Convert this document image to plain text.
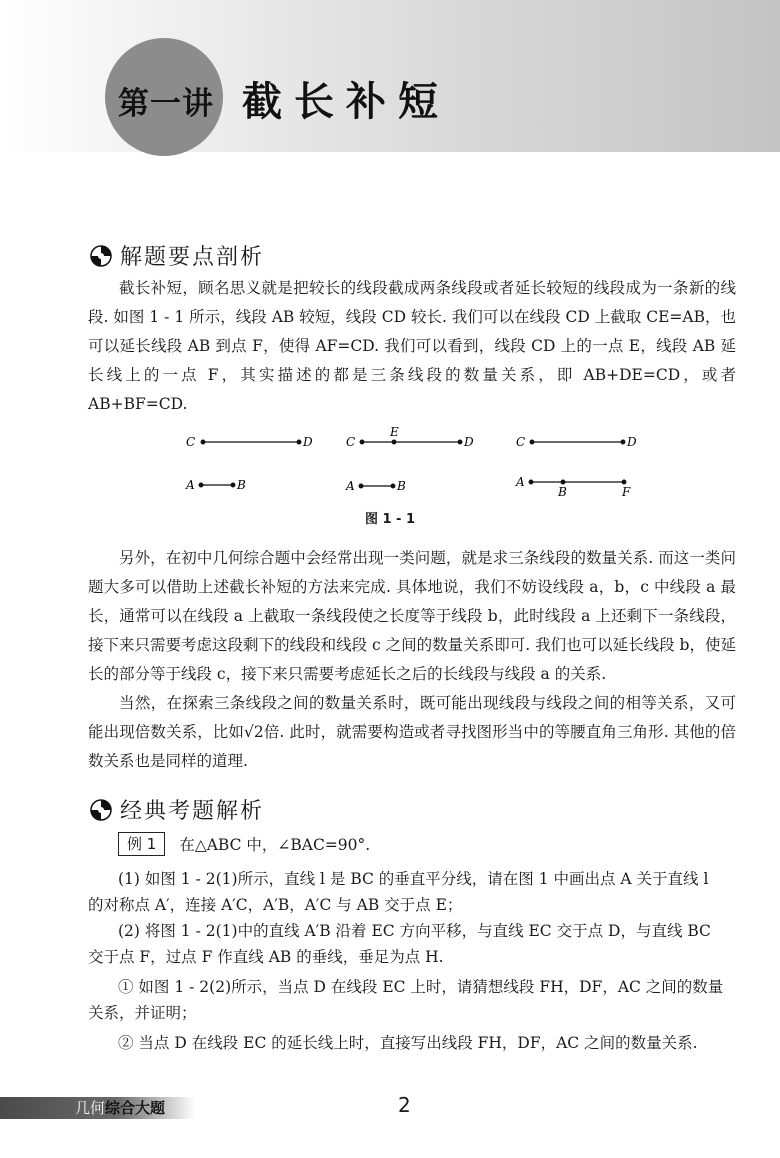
第一讲 截长补短
解题要点剖析

截长补短，顾名思义就是把较长的线段截成两条线段或者延长较短的线段成为一条新的线段. 如图 1 - 1 所示，线段 AB 较短，线段 CD 较长. 我们可以在线段 CD 上截取 CE=AB，也可以延长线段 AB 到点 F，使得 AF=CD. 我们可以看到，线段 CD 上的一点 E，线段 AB 延长线上的一点 F，其实描述的都是三条线段的数量关系，即 AB+DE=CD，或者 AB+BF=CD.

C	D
A	B
C
E
D
A	B
C	D
A
B	F
图 1 - 1

另外，在初中几何综合题中会经常出现一类问题，就是求三条线段的数量关系. 而这一类问题大多可以借助上述截长补短的方法来完成. 具体地说，我们不妨设线段 a，b，c 中线段 a 最长，通常可以在线段 a 上截取一条线段使之长度等于线段 b，此时线段 a 上还剩下一条线段，接下来只需要考虑这段剩下的线段和线段 c 之间的数量关系即可. 我们也可以延长线段 b，使延长的部分等于线段 c，接下来只需要考虑延长之后的长线段与线段 a 的关系.

当然，在探索三条线段之间的数量关系时，既可能出现线段与线段之间的相等关系，又可能出现倍数关系，比如√2倍. 此时，就需要构造或者寻找图形当中的等腰直角三角形. 其他的倍数关系也是同样的道理.

经典考题解析
例 1	在△ABC 中，∠BAC=90°.

(1) 如图 1 - 2(1)所示，直线 l 是 BC 的垂直平分线，请在图 1 中画出点 A 关于直线 l

的对称点 A′，连接 A′C，A′B，A′C 与 AB 交于点 E；

(2) 将图 1 - 2(1)中的直线 A′B 沿着 EC 方向平移，与直线 EC 交于点 D，与直线 BC

交于点 F，过点 F 作直线 AB 的垂线，垂足为点 H.

① 如图 1 - 2(2)所示，当点 D 在线段 EC 上时，请猜想线段 FH，DF，AC 之间的数量

关系，并证明；

② 当点 D 在线段 EC 的延长线上时，直接写出线段 FH，DF，AC 之间的数量关系.

几何综合大题	2
